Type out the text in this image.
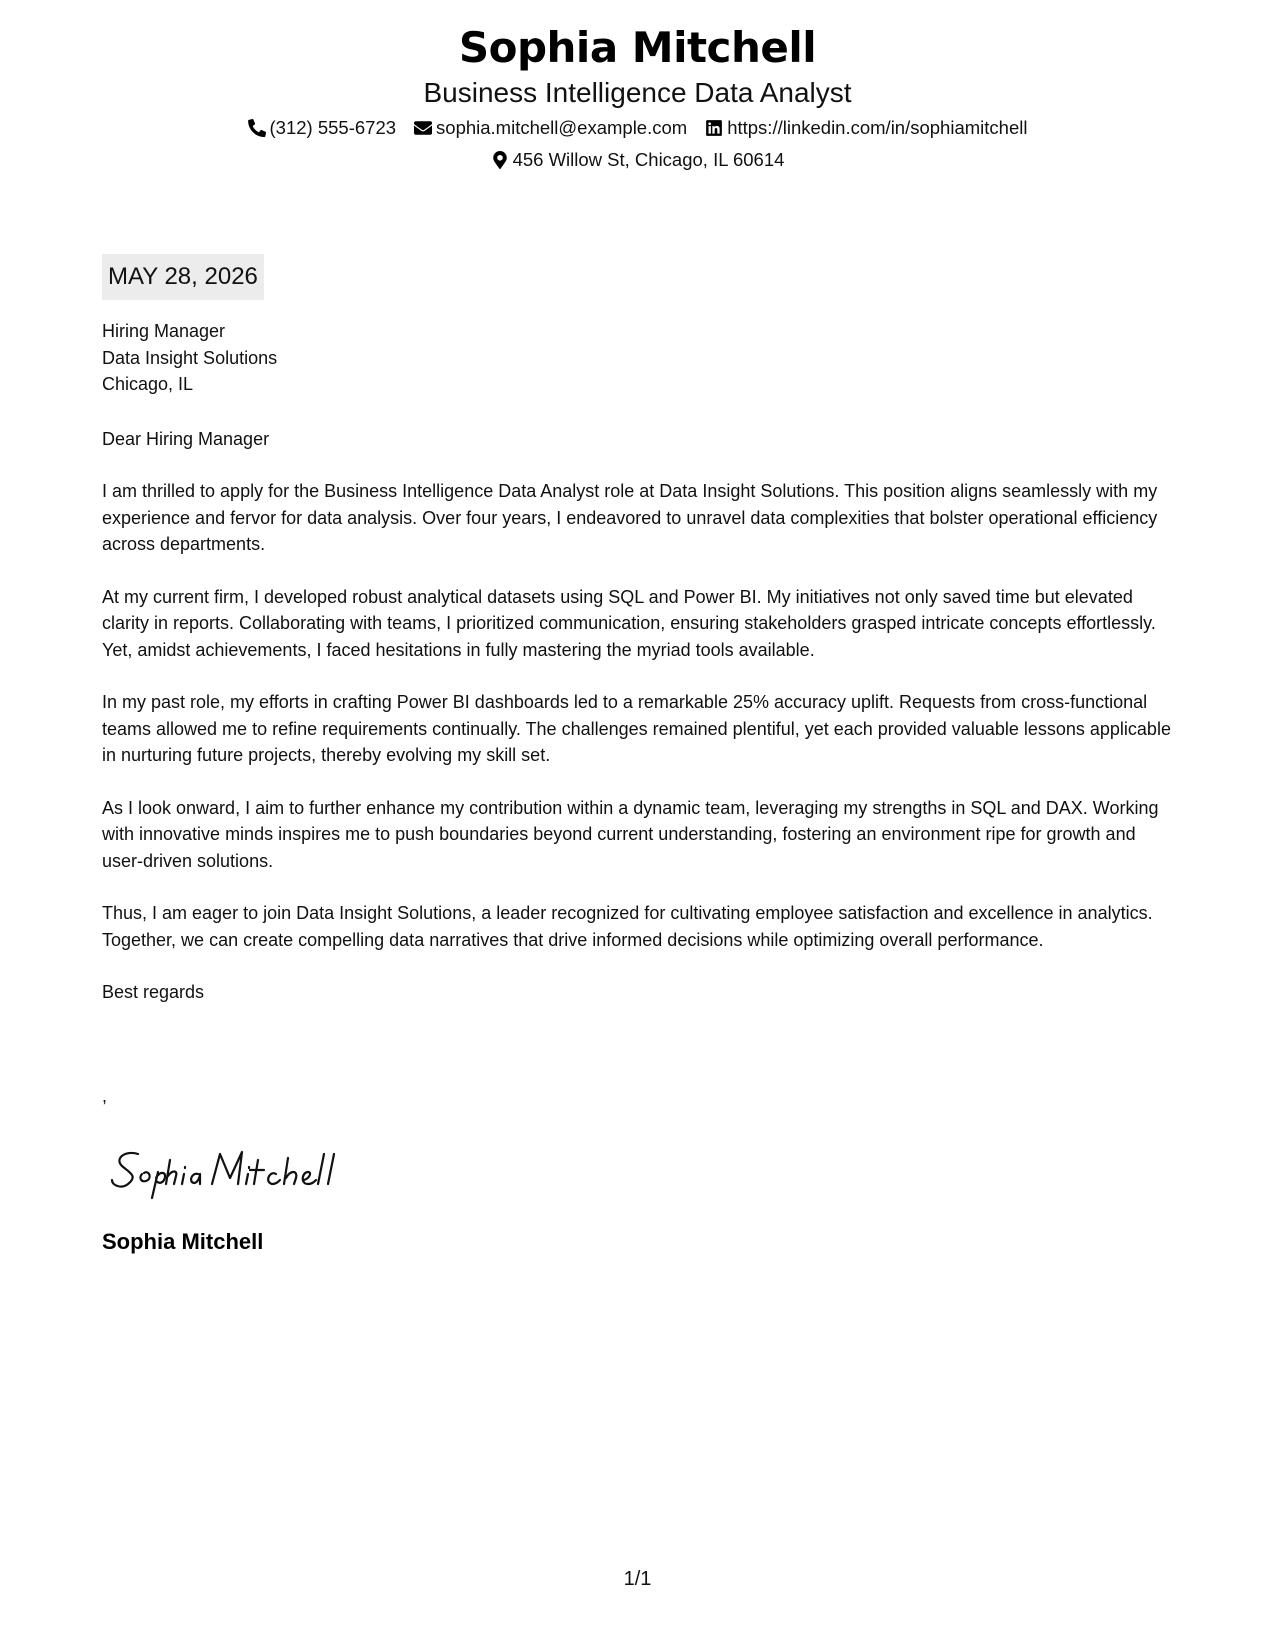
Sophia Mitchell
Business Intelligence Data Analyst
(312) 555-6723 sophia.mitchell@example.com https://linkedin.com/in/sophiamitchell
456 Willow St, Chicago, IL 60614
MAY 28, 2026
Hiring Manager
Data Insight Solutions
Chicago, IL
Dear Hiring Manager
I am thrilled to apply for the Business Intelligence Data Analyst role at Data Insight Solutions. This position aligns seamlessly with my experience and fervor for data analysis. Over four years, I endeavored to unravel data complexities that bolster operational efficiency across departments.
At my current firm, I developed robust analytical datasets using SQL and Power BI. My initiatives not only saved time but elevated clarity in reports. Collaborating with teams, I prioritized communication, ensuring stakeholders grasped intricate concepts effortlessly. Yet, amidst achievements, I faced hesitations in fully mastering the myriad tools available.
In my past role, my efforts in crafting Power BI dashboards led to a remarkable 25% accuracy uplift. Requests from cross-functional teams allowed me to refine requirements continually. The challenges remained plentiful, yet each provided valuable lessons applicable in nurturing future projects, thereby evolving my skill set.
As I look onward, I aim to further enhance my contribution within a dynamic team, leveraging my strengths in SQL and DAX. Working with innovative minds inspires me to push boundaries beyond current understanding, fostering an environment ripe for growth and user-driven solutions.
Thus, I am eager to join Data Insight Solutions, a leader recognized for cultivating employee satisfaction and excellence in analytics. Together, we can create compelling data narratives that drive informed decisions while optimizing overall performance.
Best regards
,
Sophia Mitchell
1/1
